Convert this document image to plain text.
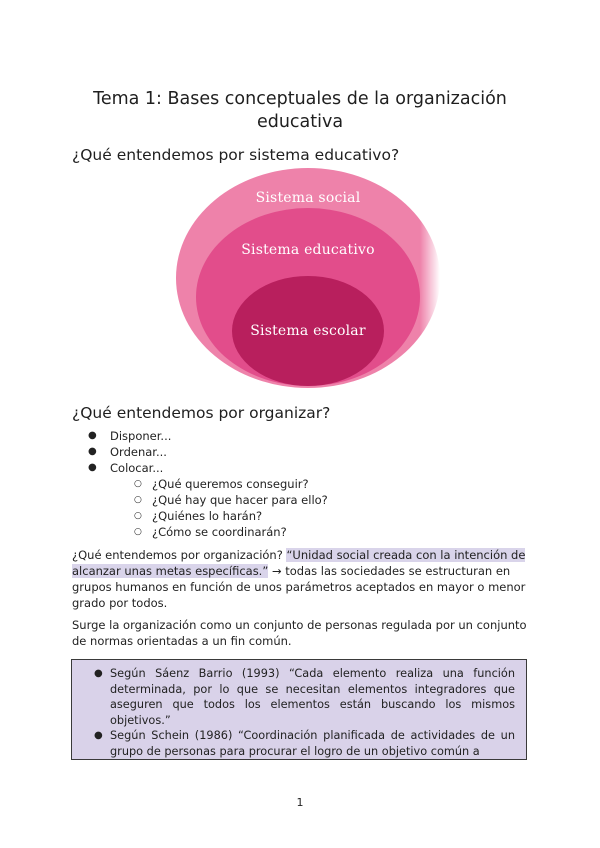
Tema 1: Bases conceptuales de la organización educativa
¿Qué entendemos por sistema educativo?
Sistema social
Sistema educativo
Sistema escolar
¿Qué entendemos por organizar?
● Disponer...
● Ordenar...
● Colocar...
○ ¿Qué queremos conseguir?
○ ¿Qué hay que hacer para ello?
○ ¿Quiénes lo harán?
○ ¿Cómo se coordinarán?
¿Qué entendemos por organización? “Unidad social creada con la intención de alcanzar unas metas específicas.” → todas las sociedades se estructuran en grupos humanos en función de unos parámetros aceptados en mayor o menor grado por todos.
Surge la organización como un conjunto de personas regulada por un conjunto de normas orientadas a un fin común.
● Según Sáenz Barrio (1993) “Cada elemento realiza una función determinada, por lo que se necesitan elementos integradores que aseguren que todos los elementos están buscando los mismos objetivos.”
● Según Schein (1986) “Coordinación planificada de actividades de un grupo de personas para procurar el logro de un objetivo común a
1
